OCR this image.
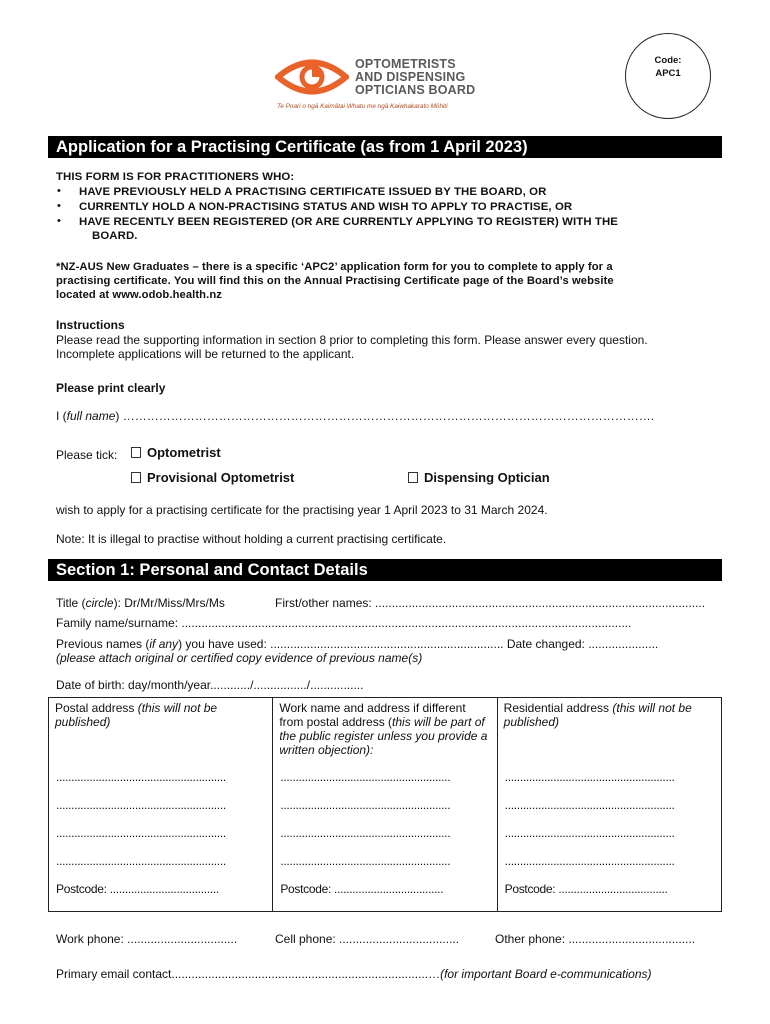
Code:
APC1
OPTOMETRISTS
AND DISPENSING
OPTICIANS BOARD
Te Poari o ngā Kaimātai Whatu me ngā Kaiwhakarato Mōhiti
Application for a Practising Certificate (as from 1 April 2023)
THIS FORM IS FOR PRACTITIONERS WHO:
• HAVE PREVIOUSLY HELD A PRACTISING CERTIFICATE ISSUED BY THE BOARD, OR
• CURRENTLY HOLD A NON-PRACTISING STATUS AND WISH TO APPLY TO PRACTISE, OR
• HAVE RECENTLY BEEN REGISTERED (OR ARE CURRENTLY APPLYING TO REGISTER) WITH THE
BOARD.
*NZ-AUS New Graduates – there is a specific ‘APC2’ application form for you to complete to apply for a
practising certificate. You will find this on the Annual Practising Certificate page of the Board’s website
located at www.odob.health.nz
Instructions
Please read the supporting information in section 8 prior to completing this form. Please answer every question.
Incomplete applications will be returned to the applicant.
Please print clearly
I (full name) …………………………………………………………………………………………………………………….
Please tick:	Optometrist
Provisional Optometrist	Dispensing Optician
wish to apply for a practising certificate for the practising year 1 April 2023 to 31 March 2024.
Note: It is illegal to practise without holding a current practising certificate.
Section 1: Personal and Contact Details
Title (circle): Dr/Mr/Miss/Mrs/Ms	First/other names: ...................................................................................................
Family name/surname: .......................................................................................................................................
Previous names (if any) you have used: ...................................................................... Date changed: .....................
(please attach original or certified copy evidence of previous name(s)
Date of birth: day/month/year............/................/................
Postal address (this will not be published)
........................................................
........................................................
........................................................
........................................................
Postcode: ....................................
Work name and address if different from postal address (this will be part of the public register unless you provide a written objection):
........................................................
........................................................
........................................................
........................................................
Postcode: ....................................
Residential address (this will not be published)
........................................................
........................................................
........................................................
........................................................
Postcode: ....................................
Work phone: .................................	Cell phone: ....................................	Other phone: ......................................
Primary email contact.............................................................................…(for important Board e-communications)
